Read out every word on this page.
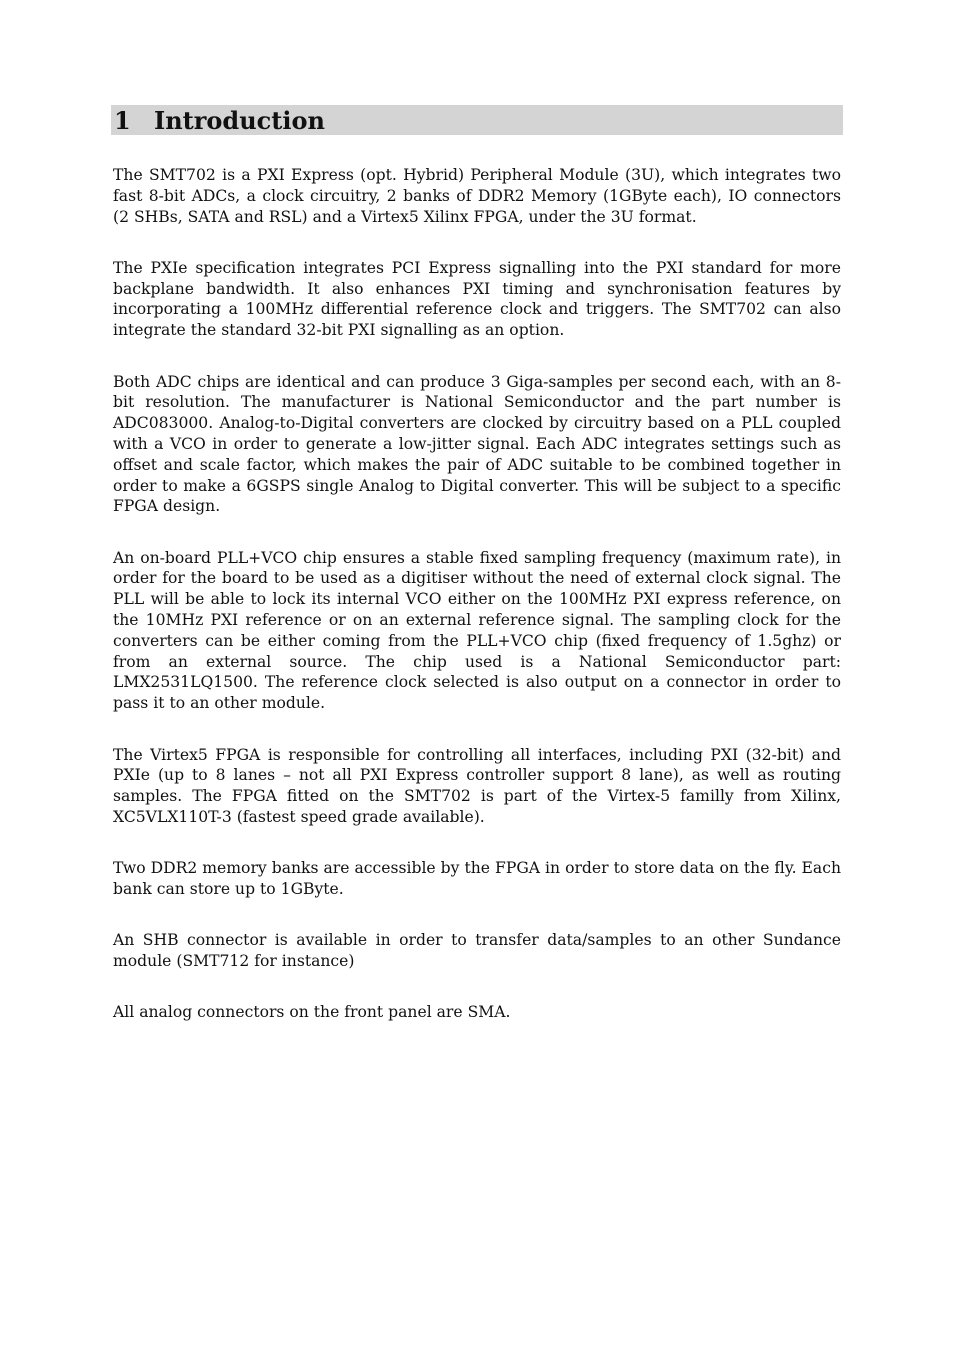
1 Introduction

The SMT702 is a PXI Express (opt. Hybrid) Peripheral Module (3U), which integrates two fast 8-bit ADCs, a clock circuitry, 2 banks of DDR2 Memory (1GByte each), IO connectors (2 SHBs, SATA and RSL) and a Virtex5 Xilinx FPGA, under the 3U format.

The PXIe specification integrates PCI Express signalling into the PXI standard for more backplane bandwidth. It also enhances PXI timing and synchronisation features by incorporating a 100MHz differential reference clock and triggers. The SMT702 can also integrate the standard 32-bit PXI signalling as an option.

Both ADC chips are identical and can produce 3 Giga-samples per second each, with an 8-bit resolution. The manufacturer is National Semiconductor and the part number is ADC083000. Analog-to-Digital converters are clocked by circuitry based on a PLL coupled with a VCO in order to generate a low-jitter signal. Each ADC integrates settings such as offset and scale factor, which makes the pair of ADC suitable to be combined together in order to make a 6GSPS single Analog to Digital converter. This will be subject to a specific FPGA design.

An on-board PLL+VCO chip ensures a stable fixed sampling frequency (maximum rate), in order for the board to be used as a digitiser without the need of external clock signal. The PLL will be able to lock its internal VCO either on the 100MHz PXI express reference, on the 10MHz PXI reference or on an external reference signal. The sampling clock for the converters can be either coming from the PLL+VCO chip (fixed frequency of 1.5ghz) or from an external source. The chip used is a National Semiconductor part: LMX2531LQ1500. The reference clock selected is also output on a connector in order to pass it to an other module.

The Virtex5 FPGA is responsible for controlling all interfaces, including PXI (32-bit) and PXIe (up to 8 lanes – not all PXI Express controller support 8 lane), as well as routing samples. The FPGA fitted on the SMT702 is part of the Virtex-5 familly from Xilinx, XC5VLX110T-3 (fastest speed grade available).

Two DDR2 memory banks are accessible by the FPGA in order to store data on the fly. Each bank can store up to 1GByte.

An SHB connector is available in order to transfer data/samples to an other Sundance module (SMT712 for instance)

All analog connectors on the front panel are SMA.
